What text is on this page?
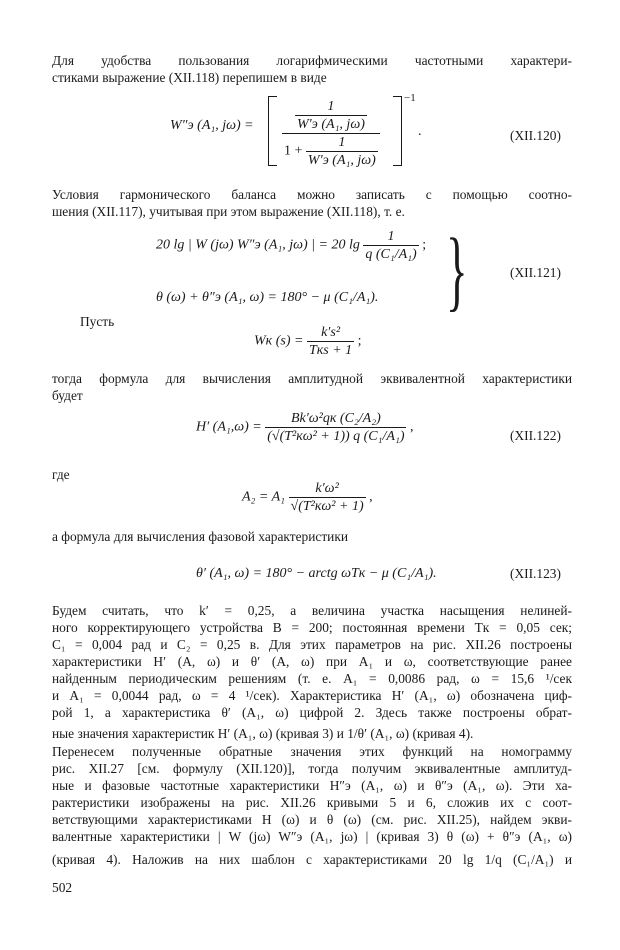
Для удобства пользования логарифмическими частотными характери-
стиками выражение (XII.118) перепишем в виде
W″э (A₁, $j\omega) = \frac{\frac{1}{\text{W′э (A₁, jω)}}}{1 + \frac{1}{\text{W′э (A₁, jω)}}} -1$
.	(XII.120)
Условия гармонического баланса можно записать с помощью соотно-
шения (XII.117), учитывая при этом выражение (XII.118), т. е.
20 lg | W (jω) W″э (A₁, jω) | = 20 $\lg \frac{1}{\text{q (C₁/A₁)}}$ ;
θ (ω) + θ″э (A₁, ω) = 180° − μ (C₁/A₁). }	(XII.121)
Пусть
Wк $(s) = \frac{\text{k′s²}}{\text{Tкs + 1}}$ ;
тогда формула для вычисления амплитудной эквивалентной характеристики
будет
H′ $(A_1,\omega) = \frac{\text{Bk′ω²qк (C₂/A₂)}}{\text{(√(T²кω² + 1)) q (C₁/A₁)}}$ ,
(XII.122)
где
$A_2 = A_1 \frac{\text{k′ω²}}{\text{√(T²кω² + 1)}}$ ,
а формула для вычисления фазовой характеристики
θ′ (A₁, ω) = 180° − arctg ωTк − μ (C₁/A₁).	(XII.123)
Будем считать, что k′ = 0,25, а величина участка насыщения нелиней-
ного корректирующего устройства B = 200; постоянная времени Tк = 0,05 сек;
C₁ = 0,004 рад и C₂ = 0,25 в. Для этих параметров на рис. XII.26 построены
характеристики H′ (A, ω) и θ′ (A, ω) при A₁ и ω, соответствующие ранее
найденным периодическим решениям (т. е. A₁ = 0,0086 рад, ω = 15,6 ¹/сек
и A₁ = 0,0044 рад, ω = 4 ¹/сек). Характеристика H′ (A₁, ω) обозначена циф-
рой 1, а характеристика θ′ (A₁, ω) цифрой 2. Здесь также построены обрат-
ные значения характеристик H′ (A₁, ω) (кривая 3) и 1/θ′ (A₁, ω) (кривая 4).
Перенесем полученные обратные значения этих функций на номограмму
рис. XII.27 [см. формулу (XII.120)], тогда получим эквивалентные амплитуд-
ные и фазовые частотные характеристики H″э (A₁, ω) и θ″э (A₁, ω). Эти ха-
рактеристики изображены на рис. XII.26 кривыми 5 и 6, сложив их с соот-
ветствующими характеристиками H (ω) и θ (ω) (см. рис. XII.25), найдем экви-
валентные характеристики | W (jω) W″э (A₁, jω) | (кривая 3) θ (ω) + θ″э (A₁, ω)
(кривая 4). Наложив на них шаблон с характеристиками 20 lg 1/q (C₁/A₁) и
502
